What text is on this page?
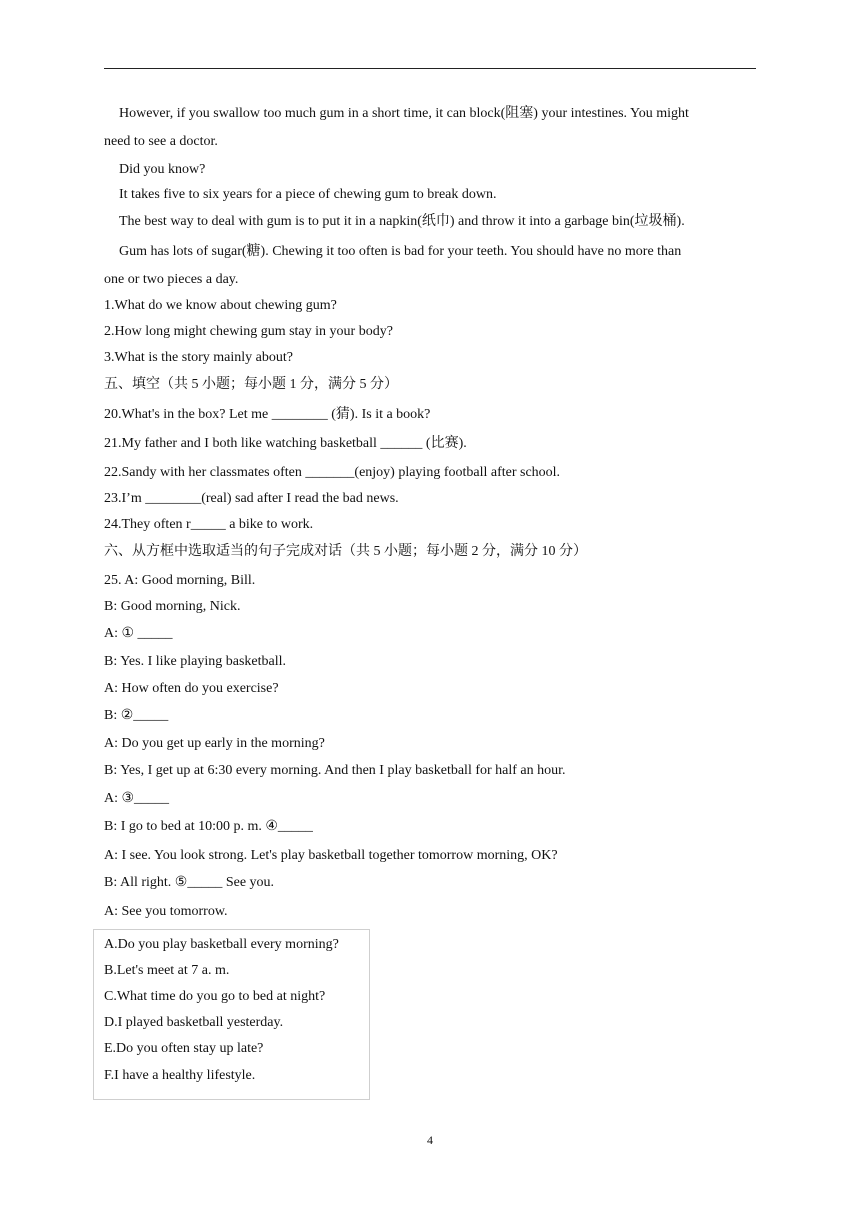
However, if you swallow too much gum in a short time, it can block(阻塞) your intestines. You might
need to see a doctor.
Did you know?
It takes five to six years for a piece of chewing gum to break down.
The best way to deal with gum is to put it in a napkin(纸巾) and throw it into a garbage bin(垃圾桶).
Gum has lots of sugar(糖). Chewing it too often is bad for your teeth. You should have no more than
one or two pieces a day.
1.What do we know about chewing gum?
2.How long might chewing gum stay in your body?
3.What is the story mainly about?
五、填空（共 5 小题；每小题 1 分，满分 5 分）
20.What's in the box? Let me ________ (猜). Is it a book?
21.My father and I both like watching basketball ______ (比赛).
22.Sandy with her classmates often _______(enjoy) playing football after school.
23.I’m ________(real) sad after I read the bad news.
24.They often r_____ a bike to work.
六、从方框中选取适当的句子完成对话（共 5 小题；每小题 2 分，满分 10 分）
25. A: Good morning, Bill.
B: Good morning, Nick.
A: ① _____
B: Yes. I like playing basketball.
A: How often do you exercise?
B: ②_____
A: Do you get up early in the morning?
B: Yes, I get up at 6:30 every morning. And then I play basketball for half an hour.
A: ③_____
B: I go to bed at 10:00 p. m. ④_____
A: I see. You look strong. Let's play basketball together tomorrow morning, OK?
B: All right. ⑤_____ See you.
A: See you tomorrow.
A.Do you play basketball every morning?
B.Let's meet at 7 a. m.
C.What time do you go to bed at night?
D.I played basketball yesterday.
E.Do you often stay up late?
F.I have a healthy lifestyle.
4
